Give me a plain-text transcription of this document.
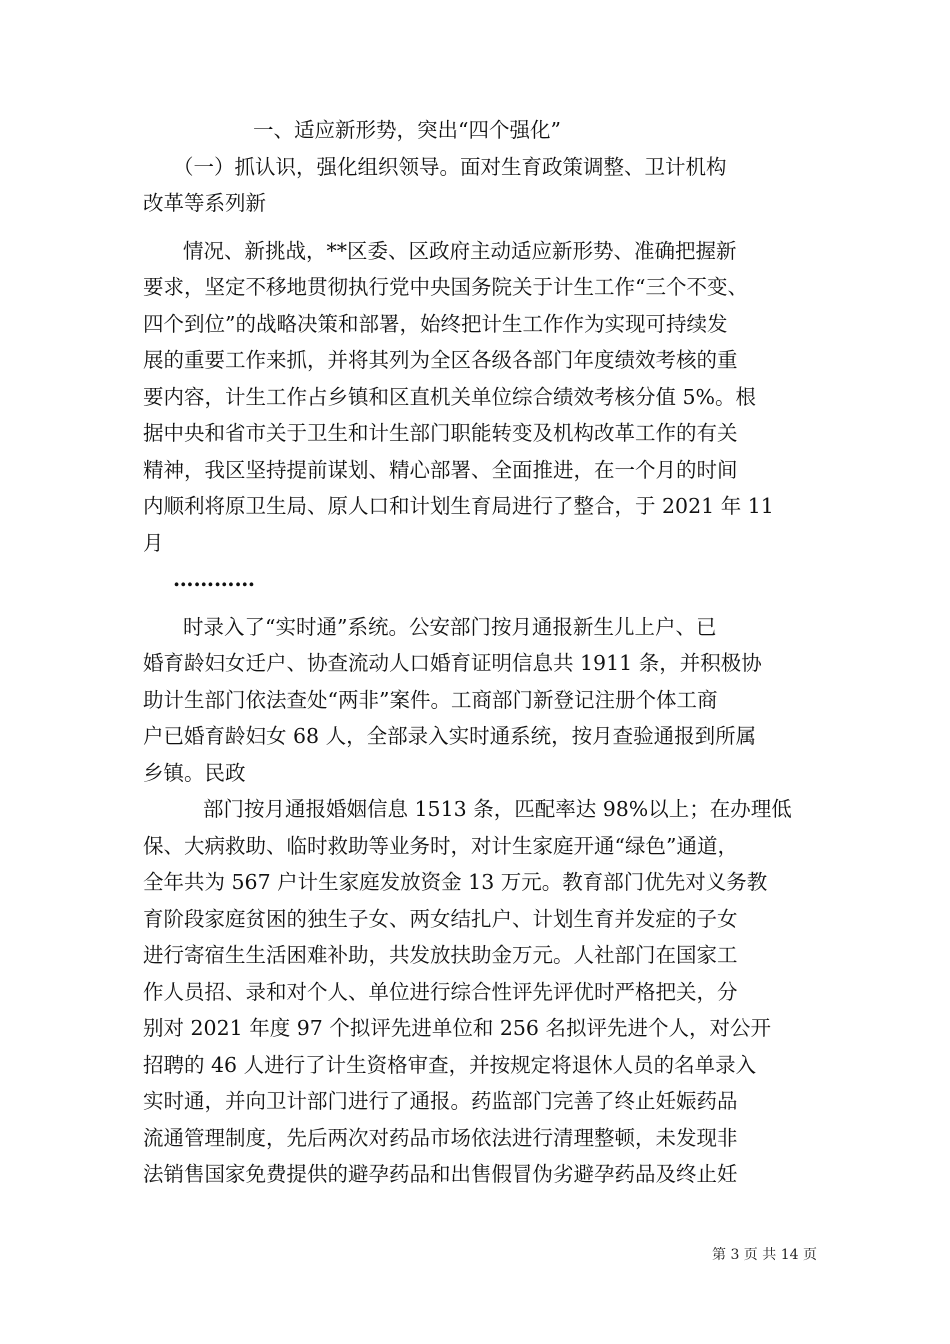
一、适应新形势，突出“四个强化”
（一）抓认识，强化组织领导。面对生育政策调整、卫计机构
改革等系列新
情况、新挑战，**区委、区政府主动适应新形势、准确把握新
要求，坚定不移地贯彻执行党中央国务院关于计生工作“三个不变、
四个到位”的战略决策和部署，始终把计生工作作为实现可持续发
展的重要工作来抓，并将其列为全区各级各部门年度绩效考核的重
要内容，计生工作占乡镇和区直机关单位综合绩效考核分值 5%。根
据中央和省市关于卫生和计生部门职能转变及机构改革工作的有关
精神，我区坚持提前谋划、精心部署、全面推进，在一个月的时间
内顺利将原卫生局、原人口和计划生育局进行了整合，于 2021 年 11
月
…………
时录入了“实时通”系统。公安部门按月通报新生儿上户、已
婚育龄妇女迁户、协查流动人口婚育证明信息共 1911 条，并积极协
助计生部门依法查处“两非”案件。工商部门新登记注册个体工商
户已婚育龄妇女 68 人，全部录入实时通系统，按月查验通报到所属
乡镇。民政
部门按月通报婚姻信息 1513 条，匹配率达 98%以上；在办理低
保、大病救助、临时救助等业务时，对计生家庭开通“绿色”通道，
全年共为 567 户计生家庭发放资金 13 万元。教育部门优先对义务教
育阶段家庭贫困的独生子女、两女结扎户、计划生育并发症的子女
进行寄宿生生活困难补助，共发放扶助金万元。人社部门在国家工
作人员招、录和对个人、单位进行综合性评先评优时严格把关，分
别对 2021 年度 97 个拟评先进单位和 256 名拟评先进个人，对公开
招聘的 46 人进行了计生资格审查，并按规定将退休人员的名单录入
实时通，并向卫计部门进行了通报。药监部门完善了终止妊娠药品
流通管理制度，先后两次对药品市场依法进行清理整顿，未发现非
法销售国家免费提供的避孕药品和出售假冒伪劣避孕药品及终止妊
第 3 页 共 14 页
